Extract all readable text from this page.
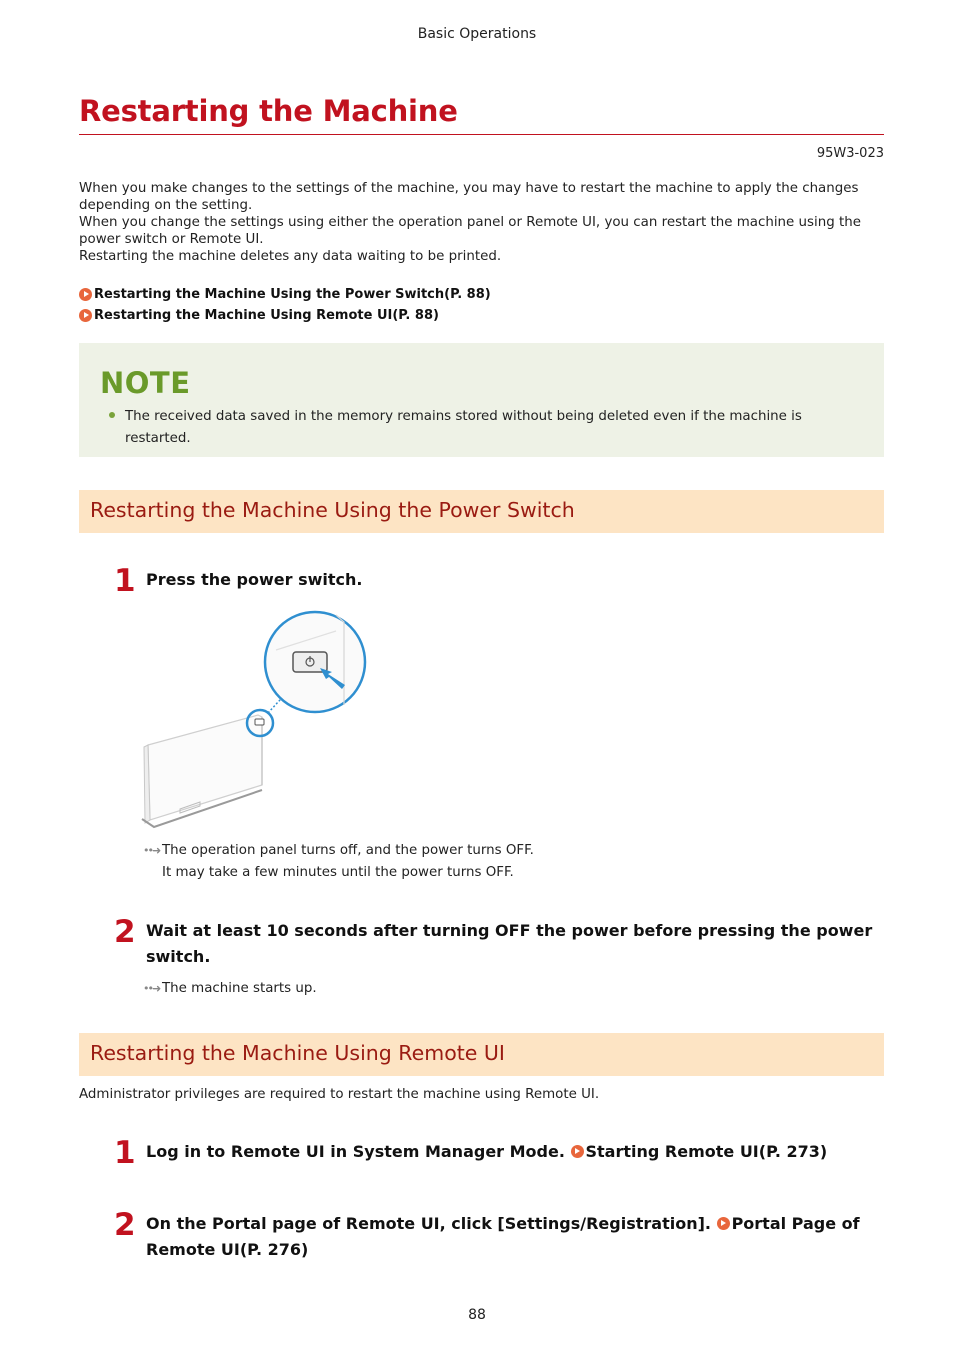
Basic Operations
Restarting the Machine
95W3-023

When you make changes to the settings of the machine, you may have to restart the machine to apply the changes depending on the setting.

When you change the settings using either the operation panel or Remote UI, you can restart the machine using the power switch or Remote UI.

Restarting the machine deletes any data waiting to be printed.

Restarting the Machine Using the Power Switch(P. 88)
Restarting the Machine Using Remote UI(P. 88)
NOTE
The received data saved in the memory remains stored without being deleted even if the machine is restarted.
Restarting the Machine Using the Power Switch
1 Press the power switch.
••➜ The operation panel turns off, and the power turns OFF.
It may take a few minutes until the power turns OFF.
2 Wait at least 10 seconds after turning OFF the power before pressing the power
switch.
••➜ The machine starts up.
Restarting the Machine Using Remote UI
Administrator privileges are required to restart the machine using Remote UI.
1 Log in to Remote UI in System Manager Mode. Starting Remote UI(P. 273)
2 On the Portal page of Remote UI, click [Settings/Registration]. Portal Page of
Remote UI(P. 276)
88
